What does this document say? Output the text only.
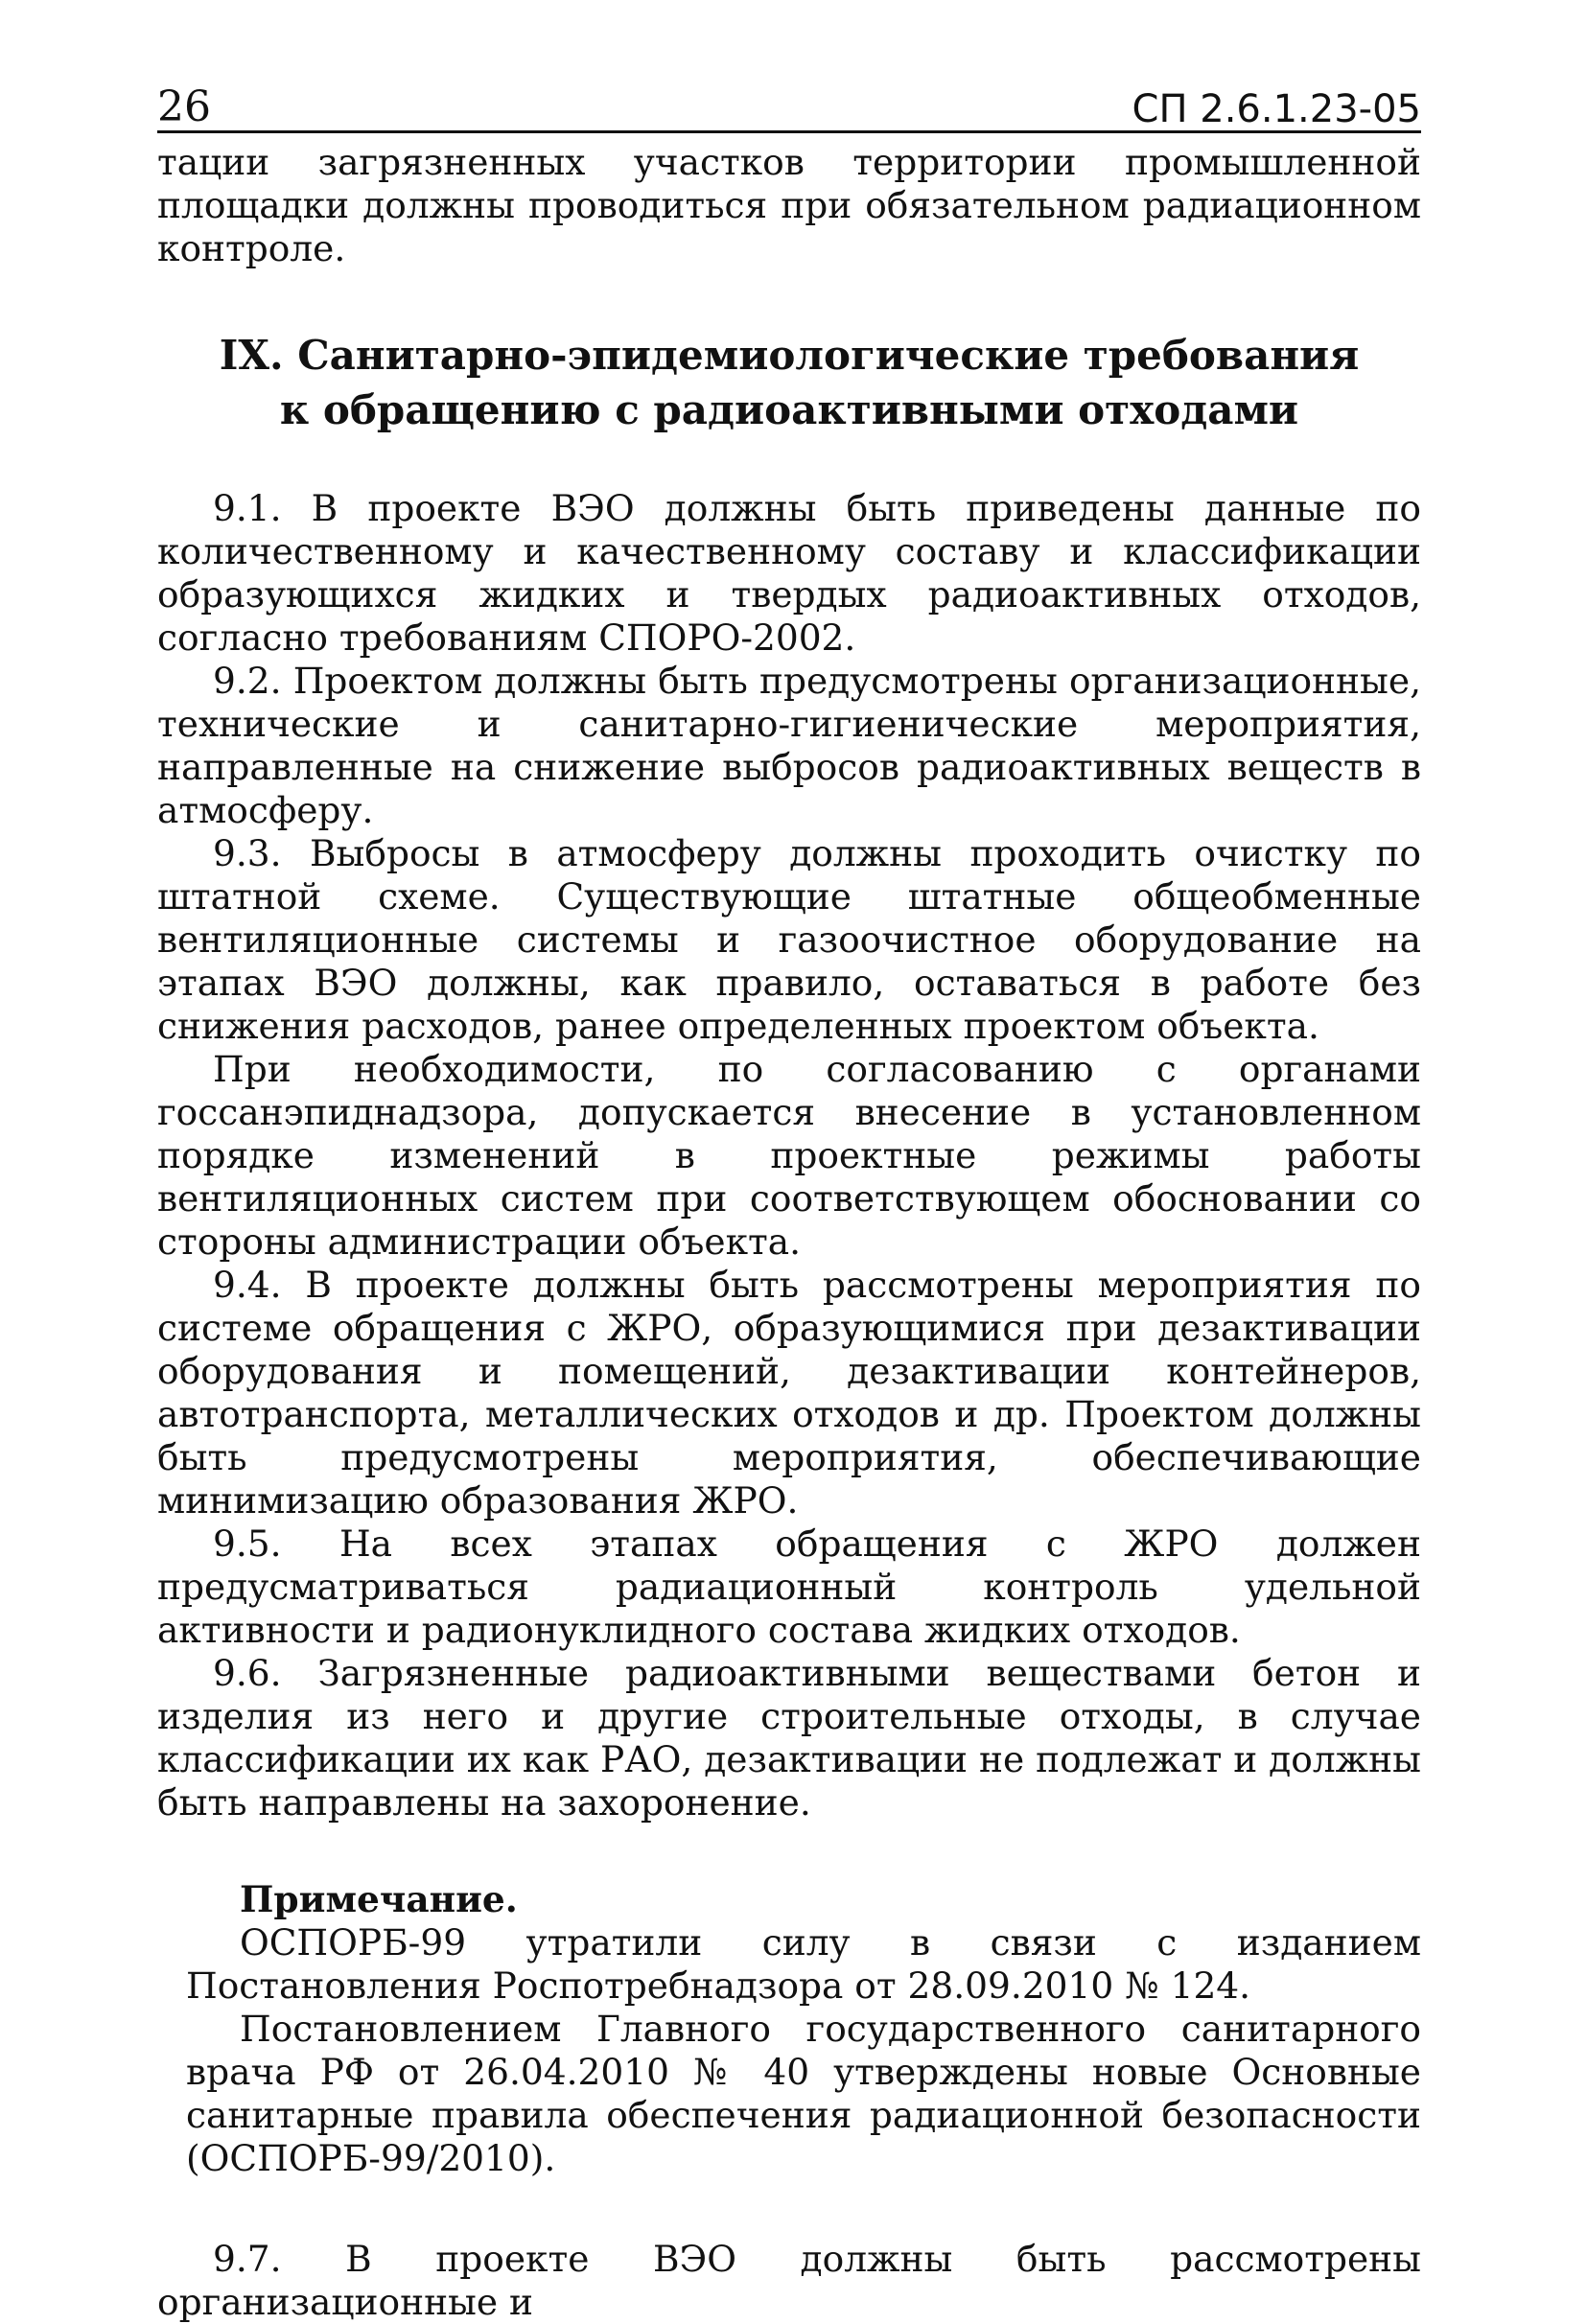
26	СП 2.6.1.23-05

тации загрязненных участков территории промышленной площадки должны проводиться при обязательном радиационном контроле.

IX. Санитарно-эпидемиологические требования
к обращению с радиоактивными отходами

9.1. В проекте ВЭО должны быть приведены данные по количественному и качественному составу и классификации образующихся жидких и твердых радиоактивных отходов, согласно требованиям СПОРО-2002.

9.2. Проектом должны быть предусмотрены организационные, технические и санитарно-гигиенические мероприятия, направленные на снижение выбросов радиоактивных веществ в атмосферу.

9.3. Выбросы в атмосферу должны проходить очистку по штатной схеме. Существующие штатные общеобменные вентиляционные системы и газоочистное оборудование на этапах ВЭО должны, как правило, оставаться в работе без снижения расходов, ранее определенных проектом объекта.

При необходимости, по согласованию с органами госсанэпиднадзора, допускается внесение в установленном порядке изменений в проектные режимы работы вентиляционных систем при соответствующем обосновании со стороны администрации объекта.

9.4. В проекте должны быть рассмотрены мероприятия по системе обращения с ЖРО, образующимися при дезактивации оборудования и помещений, дезактивации контейнеров, автотранспорта, металлических отходов и др. Проектом должны быть предусмотрены мероприятия, обеспечивающие минимизацию образования ЖРО.

9.5. На всех этапах обращения с ЖРО должен предусматриваться радиационный контроль удельной активности и радионуклидного состава жидких отходов.

9.6. Загрязненные радиоактивными веществами бетон и изделия из него и другие строительные отходы, в случае классификации их как РАО, дезактивации не подлежат и должны быть направлены на захоронение.

Примечание.

ОСПОРБ-99 утратили силу в связи с изданием Постановления Роспотребнадзора от 28.09.2010 № 124.

Постановлением Главного государственного санитарного врача РФ от 26.04.2010 № 40 утверждены новые Основные санитарные правила обеспечения радиационной безопасности (ОСПОРБ-99/2010).

9.7. В проекте ВЭО должны быть рассмотрены организационные и
